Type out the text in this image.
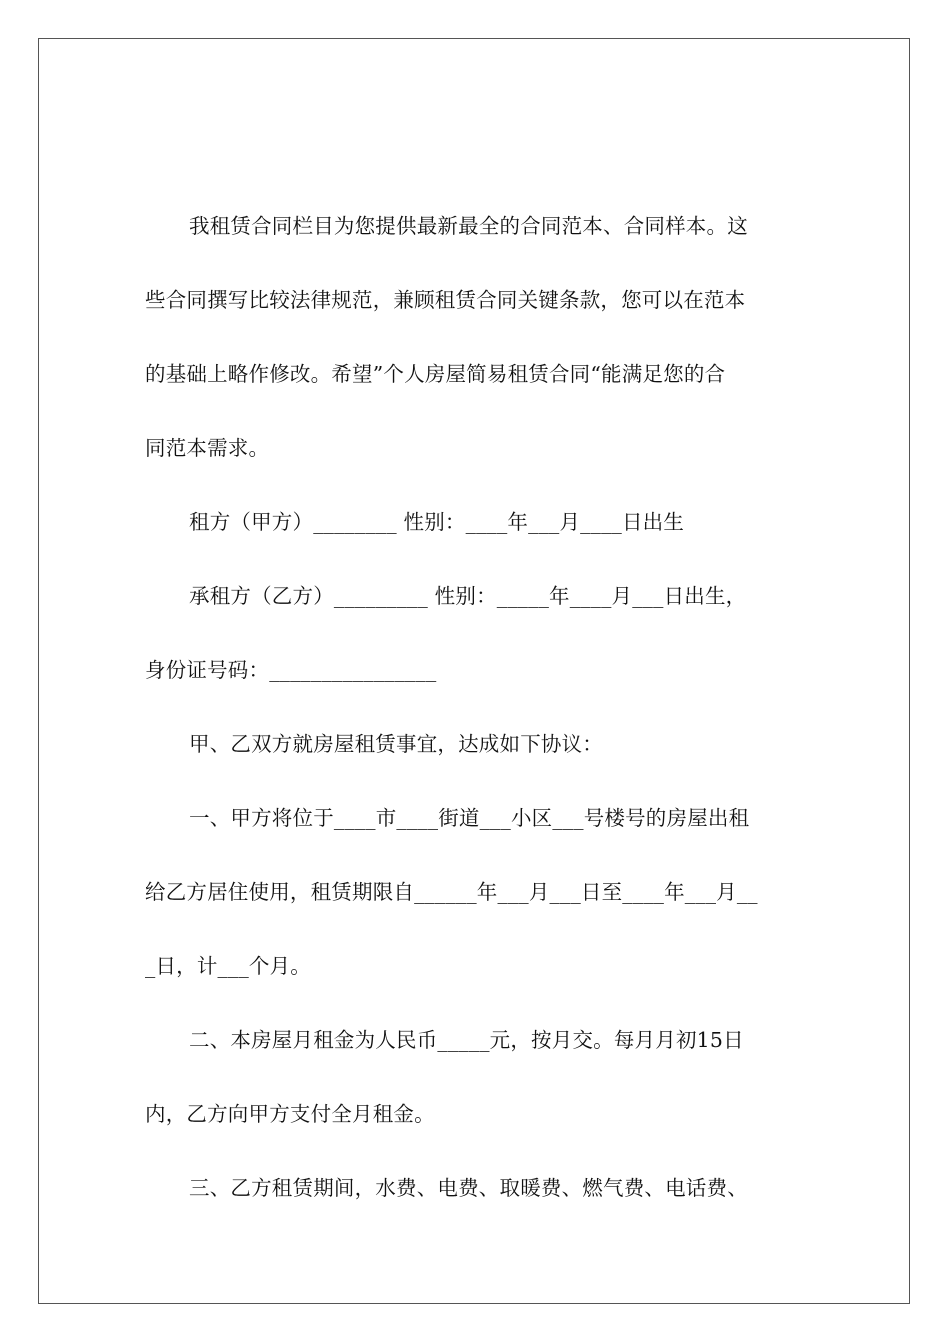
我租赁合同栏目为您提供最新最全的合同范本、合同样本。这
些合同撰写比较法律规范，兼顾租赁合同关键条款，您可以在范本
的基础上略作修改。希望”个人房屋简易租赁合同“能满足您的合
同范本需求。
租方（甲方）________ 性别：____年___月____日出生
承租方（乙方）_________ 性别：_____年____月___日出生，
身份证号码：________________
甲、乙双方就房屋租赁事宜，达成如下协议：
一、甲方将位于____市____街道___小区___号楼号的房屋出租
给乙方居住使用，租赁期限自______年___月___日至____年___月__
_日，计___个月。
二、本房屋月租金为人民币_____元，按月交。每月月初15日
内，乙方向甲方支付全月租金。
三、乙方租赁期间，水费、电费、取暖费、燃气费、电话费、
